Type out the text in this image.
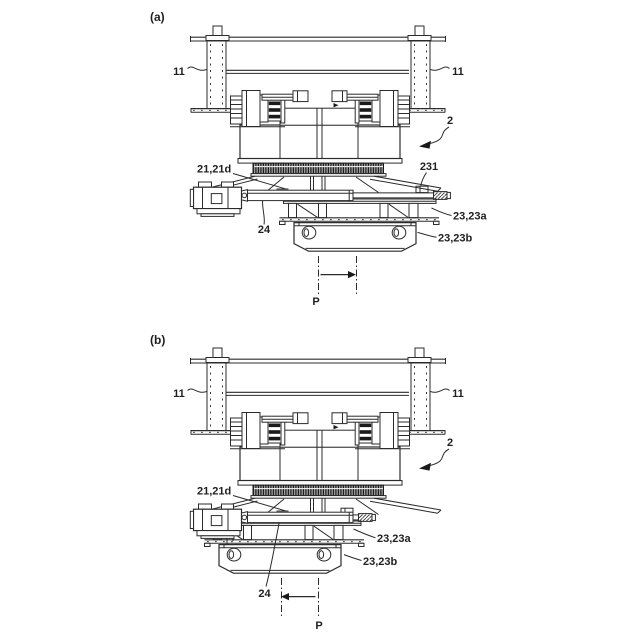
(a)
11	11
2
21,21d	231
24
23,23a
23,23b
P
(b)
11	11
2
21,21d
24
23,23a
23,23b
P
